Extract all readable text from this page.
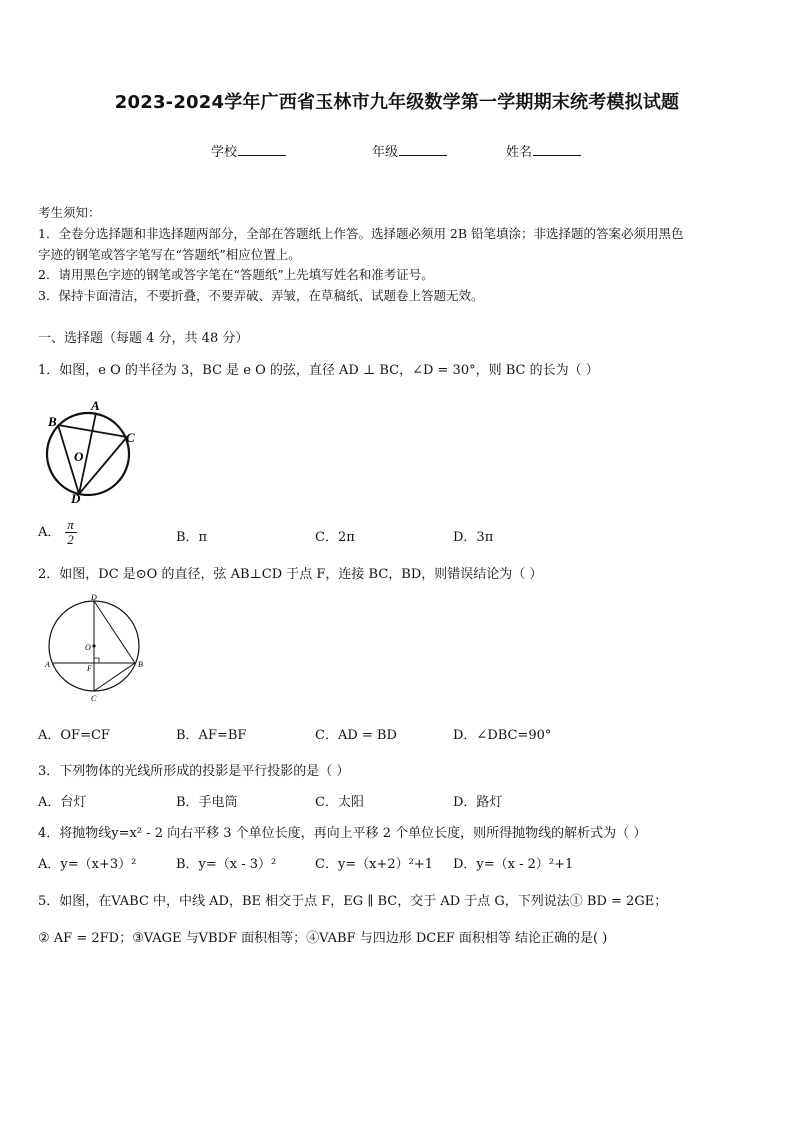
2023-2024学年广西省玉林市九年级数学第一学期期末统考模拟试题
学校	年级	姓名
考生须知：
1．全卷分选择题和非选择题两部分，全部在答题纸上作答。选择题必须用 2B 铅笔填涂；非选择题的答案必须用黑色
字迹的钢笔或答字笔写在“答题纸”相应位置上。
2．请用黑色字迹的钢笔或答字笔在“答题纸”上先填写姓名和准考证号。
3．保持卡面清洁，不要折叠，不要弄破、弄皱，在草稿纸、试题卷上答题无效。
一、选择题（每题 4 分，共 48 分）
1．如图，e O 的半径为 3，BC 是 e O 的弦，直径 AD ⊥ BC，∠D = 30°，则 BC 的长为（ ）
A
B
C
O
D
A． $\frac{\pi}{2}$	B．π	C．2π	D．3π
2．如图，DC 是⊙O 的直径，弦 AB⊥CD 于点 F，连接 BC，BD，则错误结论为（ ）
D
O
A	F	B
C
A．OF=CF	B．AF=BF	C．AD = BD	D．∠DBC=90°
3．下列物体的光线所形成的投影是平行投影的是（ ）
A．台灯	B．手电筒	C．太阳	D．路灯
4．将抛物线y=x² - 2 向右平移 3 个单位长度，再向上平移 2 个单位长度，则所得抛物线的解析式为（ ）
A．y=（x+3）²	B．y=（x - 3）²	C．y=（x+2）²+1 D．y=（x - 2）²+1
5．如图，在VABC 中，中线 AD，BE 相交于点 F，EG ∥ BC，交于 AD 于点 G，下列说法① BD = 2GE；
② AF = 2FD；③VAGE 与VBDF 面积相等；④VABF 与四边形 DCEF 面积相等 结论正确的是( )
